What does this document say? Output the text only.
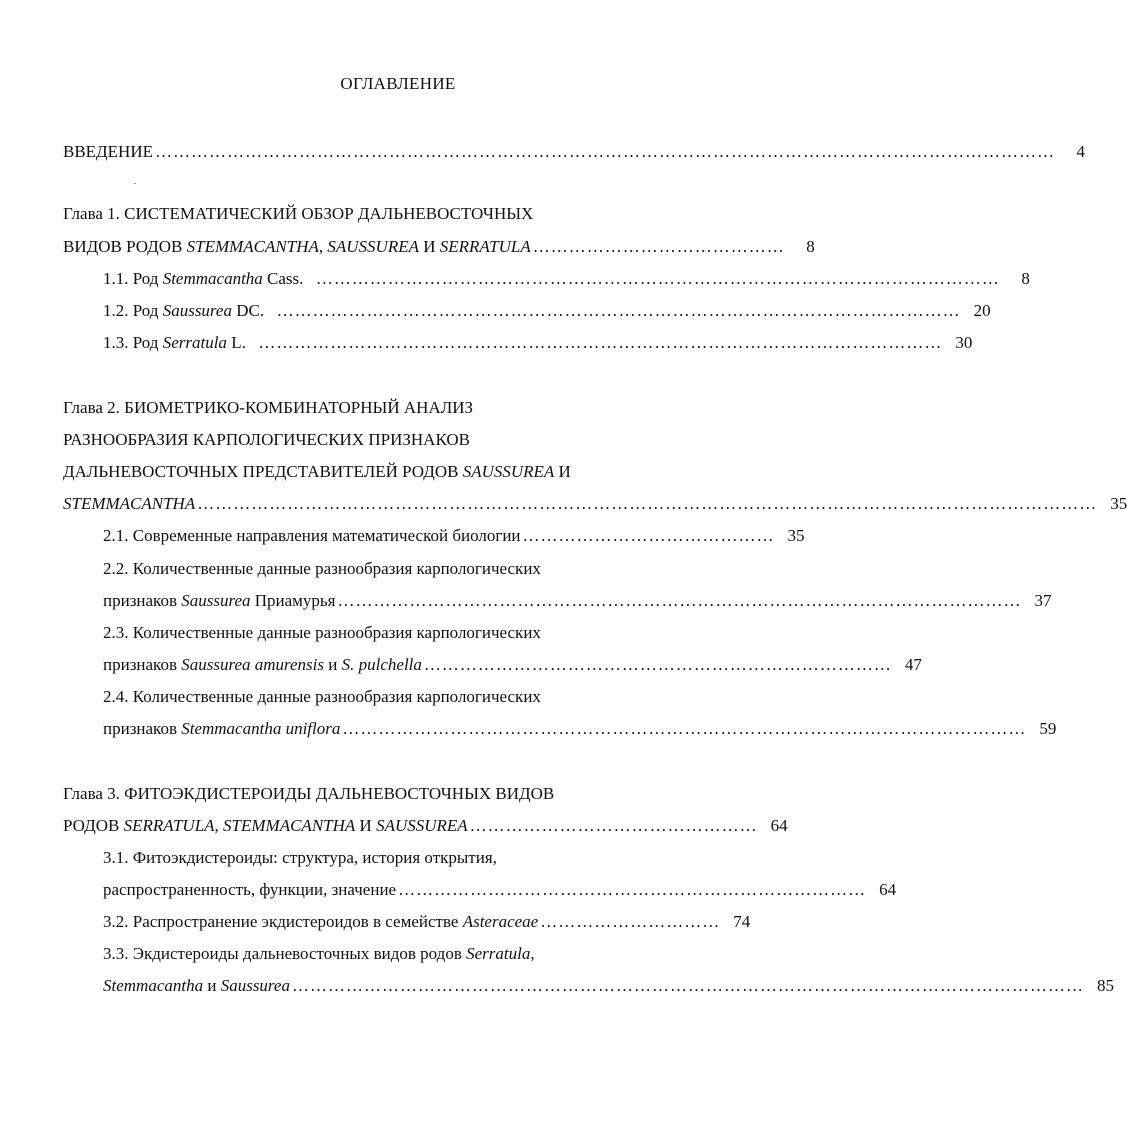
ОГЛАВЛЕНИЕ
ВВЕДЕНИЕ ……………………………………………………………………………………………………………………………………	4
Глава 1. СИСТЕМАТИЧЕСКИЙ ОБЗОР ДАЛЬНЕВОСТОЧНЫХ
ВИДОВ РОДОВ STEMMACANTHA, SAUSSUREA И SERRATULA ……………………………………	8
1.1. Род Stemmacantha Cass. ……………………………………………………………………………………………………	8
1.2. Род Saussurea DC. …………………………………………………………………………………………………… 20
1.3. Род Serratula L. …………………………………………………………………………………………………… 30
Глава 2. БИОМЕТРИКО-КОМБИНАТОРНЫЙ АНАЛИЗ
РАЗНООБРАЗИЯ КАРПОЛОГИЧЕСКИХ ПРИЗНАКОВ
ДАЛЬНЕВОСТОЧНЫХ ПРЕДСТАВИТЕЛЕЙ РОДОВ SAUSSUREA И
STEMMACANTHA …………………………………………………………………………………………………………………………………… 35
2.1. Современные направления математической биологии …………………………………… 35
2.2. Количественные данные разнообразия карпологических
признаков Saussurea Приамурья …………………………………………………………………………………………………… 37
2.3. Количественные данные разнообразия карпологических
признаков Saussurea amurensis и S. pulchella …………………………………………………………………… 47
2.4. Количественные данные разнообразия карпологических
признаков Stemmacantha uniflora …………………………………………………………………………………………………… 59
Глава 3. ФИТОЭКДИСТЕРОИДЫ ДАЛЬНЕВОСТОЧНЫХ ВИДОВ
РОДОВ SERRATULA, STEMMACANTHA И SAUSSUREA ………………………………………… 64
3.1. Фитоэкдистероиды: структура, история открытия,
распространенность, функции, значение …………………………………………………………………… 64
3.2. Распространение экдистероидов в семействе Asteraceae ………………………… 74
3.3. Экдистероиды дальневосточных видов родов Serratula,
Stemmacantha и Saussurea …………………………………………………………………………………………………………………… 85
